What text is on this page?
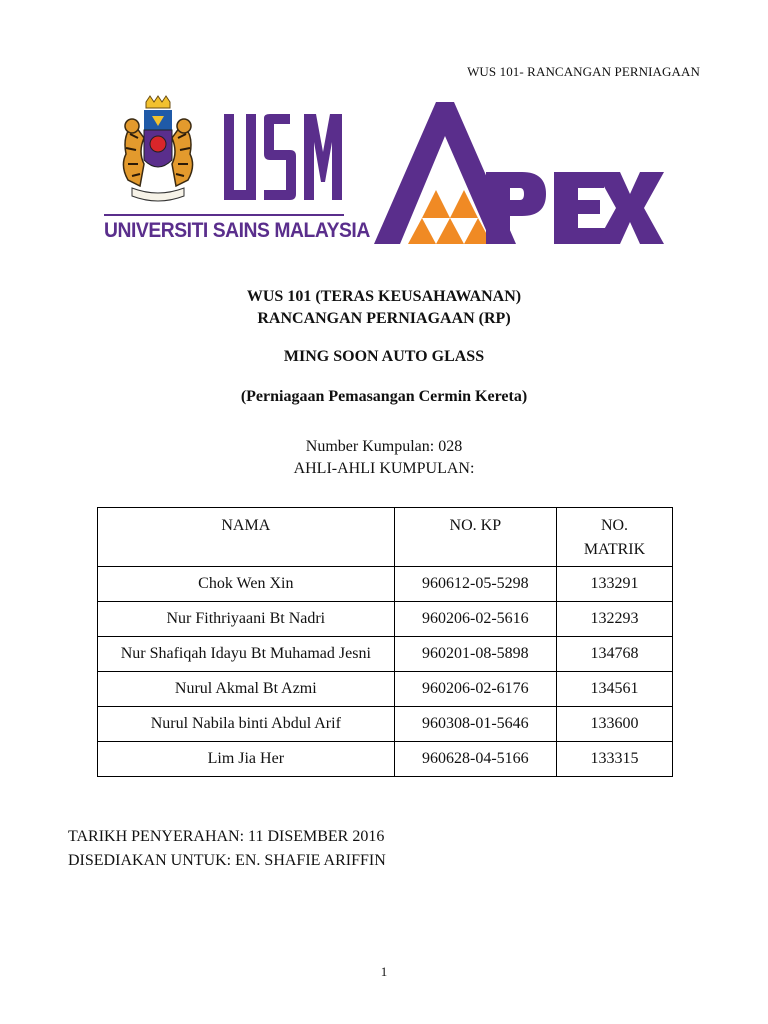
WUS 101- RANCANGAN PERNIAGAAN
UNIVERSITI SAINS MALAYSIA
WUS 101 (TERAS KEUSAHAWANAN)
RANCANGAN PERNIAGAAN (RP)
MING SOON AUTO GLASS
(Perniagaan Pemasangan Cermin Kereta)
Number Kumpulan: 028
AHLI-AHLI KUMPULAN:
NAMA	NO. KP	NO.
MATRIK

Chok Wen Xin	960612-05-5298	133291
Nur Fithriyaani Bt Nadri	960206-02-5616	132293
Nur Shafiqah Idayu Bt Muhamad Jesni	960201-08-5898	134768
Nurul Akmal Bt Azmi	960206-02-6176	134561
Nurul Nabila binti Abdul Arif	960308-01-5646	133600
Lim Jia Her	960628-04-5166	133315
TARIKH PENYERAHAN: 11 DISEMBER 2016
DISEDIAKAN UNTUK: EN. SHAFIE ARIFFIN
1
